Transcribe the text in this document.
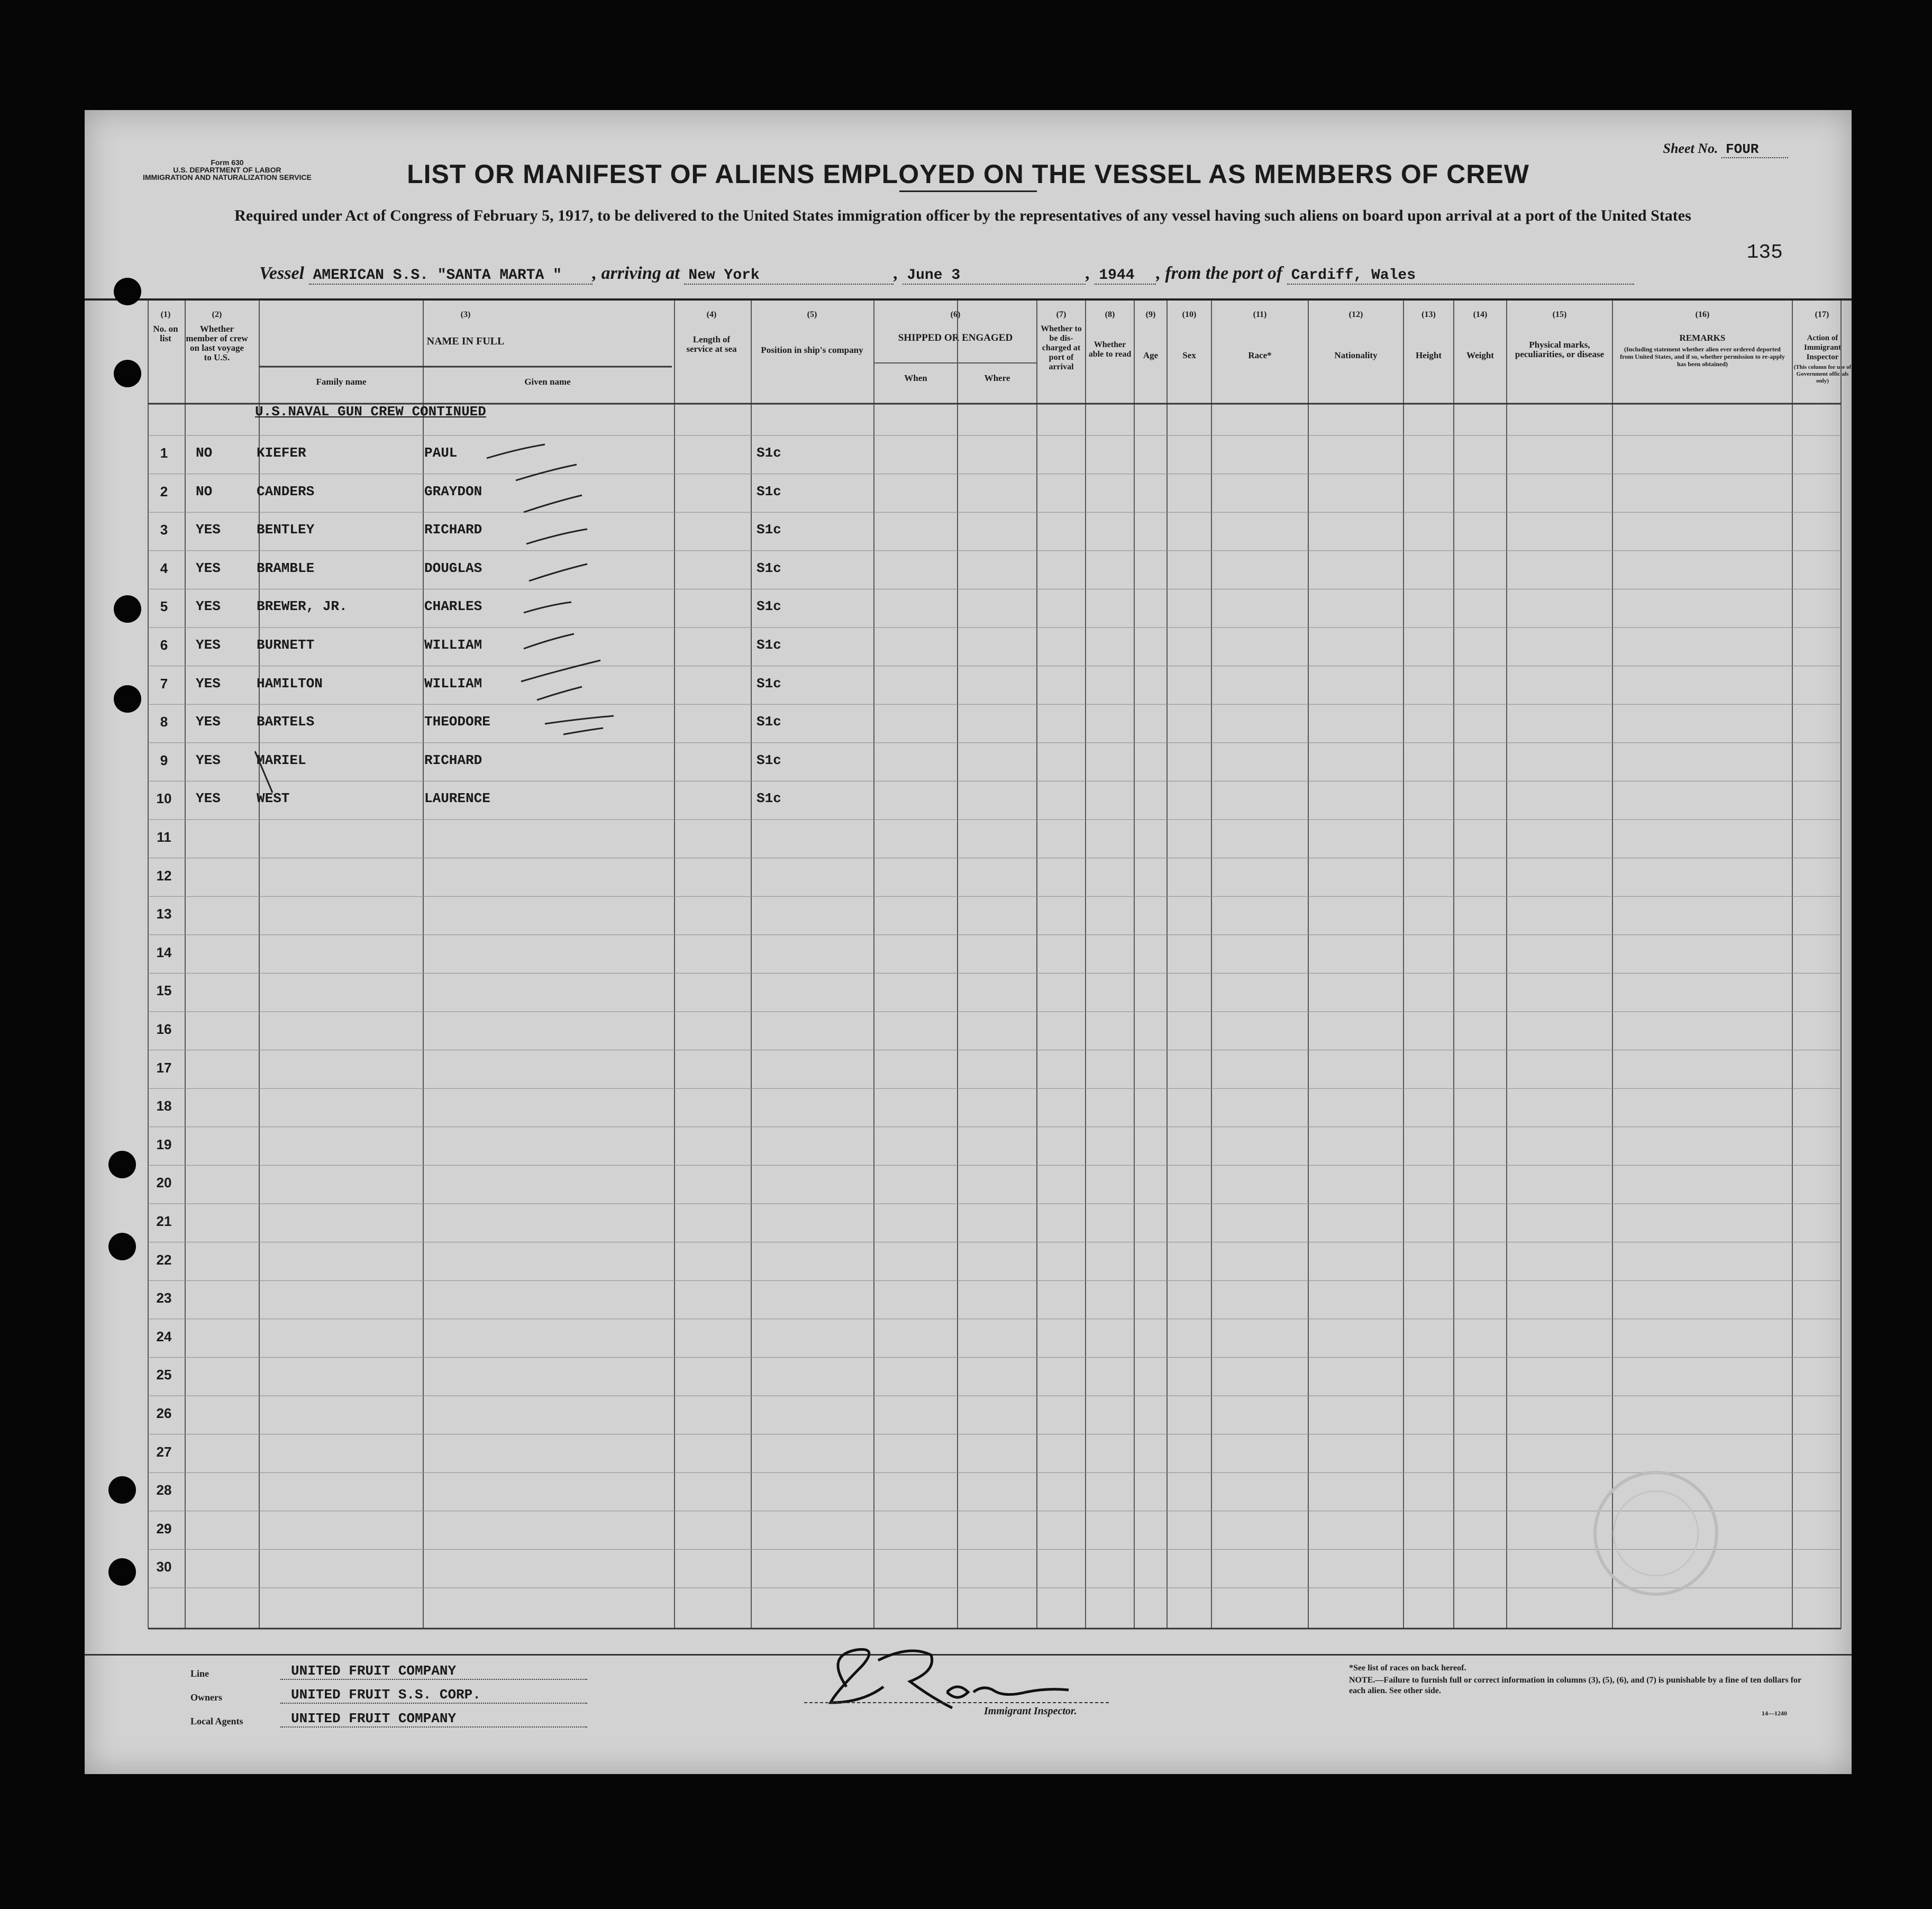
Form 630
U.S. DEPARTMENT OF LABOR
IMMIGRATION AND NATURALIZATION SERVICE
Sheet No. FOUR
LIST OR MANIFEST OF ALIENS EMPLOYED ON THE VESSEL AS MEMBERS OF CREW
Required under Act of Congress of February 5, 1917, to be delivered to the United States immigration officer by the representatives of any vessel having such aliens on board upon arrival at a port of the United States
135
Vessel AMERICAN S.S. "SANTA MARTA " , arriving at New York	, June 3	, 1944 , from the port of Cardiff, Wales
(1)
No. on list
(2)
Whether member of crew on last voyage to U.S.
(3)
NAME IN FULL
Family name	Given name
(4)
Length of service at sea
(5)
Position in ship's company
(6)
SHIPPED OR ENGAGED
When	Where
(7)
Whether to be dis-charged at port of arrival
(8)
Whether able to read
(9)
Age
(10)
Sex
(11)
Race*
(12)
Nationality
(13)
Height
(14)
Weight
(15)
Physical marks, peculiarities, or disease
(16)
REMARKS
(Including statement whether alien ever ordered deported from United States, and if so, whether permission to re-apply has been obtained)
(17)
Action of Immigrant Inspector
(This column for use of Government officials only)
U.S.NAVAL GUN CREW CONTINUED
1	NO	KIEFER	PAUL	S1c
2	NO	CANDERS	GRAYDON	S1c
3	YES	BENTLEY	RICHARD	S1c
4	YES	BRAMBLE	DOUGLAS	S1c
5	YES	BREWER, JR.	CHARLES	S1c
6	YES	BURNETT	WILLIAM	S1c
7	YES	HAMILTON	WILLIAM	S1c
8	YES	BARTELS	THEODORE	S1c
9	YES	MARIEL	RICHARD	S1c
10	YES	WEST	LAURENCE	S1c
11
12
13
14
15
16
17
18
19
20
21
22
23
24
25
26
27
28
29
30
Line	UNITED FRUIT COMPANY
Owners	UNITED FRUIT S.S. CORP.
Local Agents	UNITED FRUIT COMPANY	Immigrant Inspector.
*See list of races on back hereof.
NOTE.—Failure to furnish full or correct information in columns (3), (5), (6), and (7) is punishable by a fine of ten dollars for each alien. See other side.
14—1240
